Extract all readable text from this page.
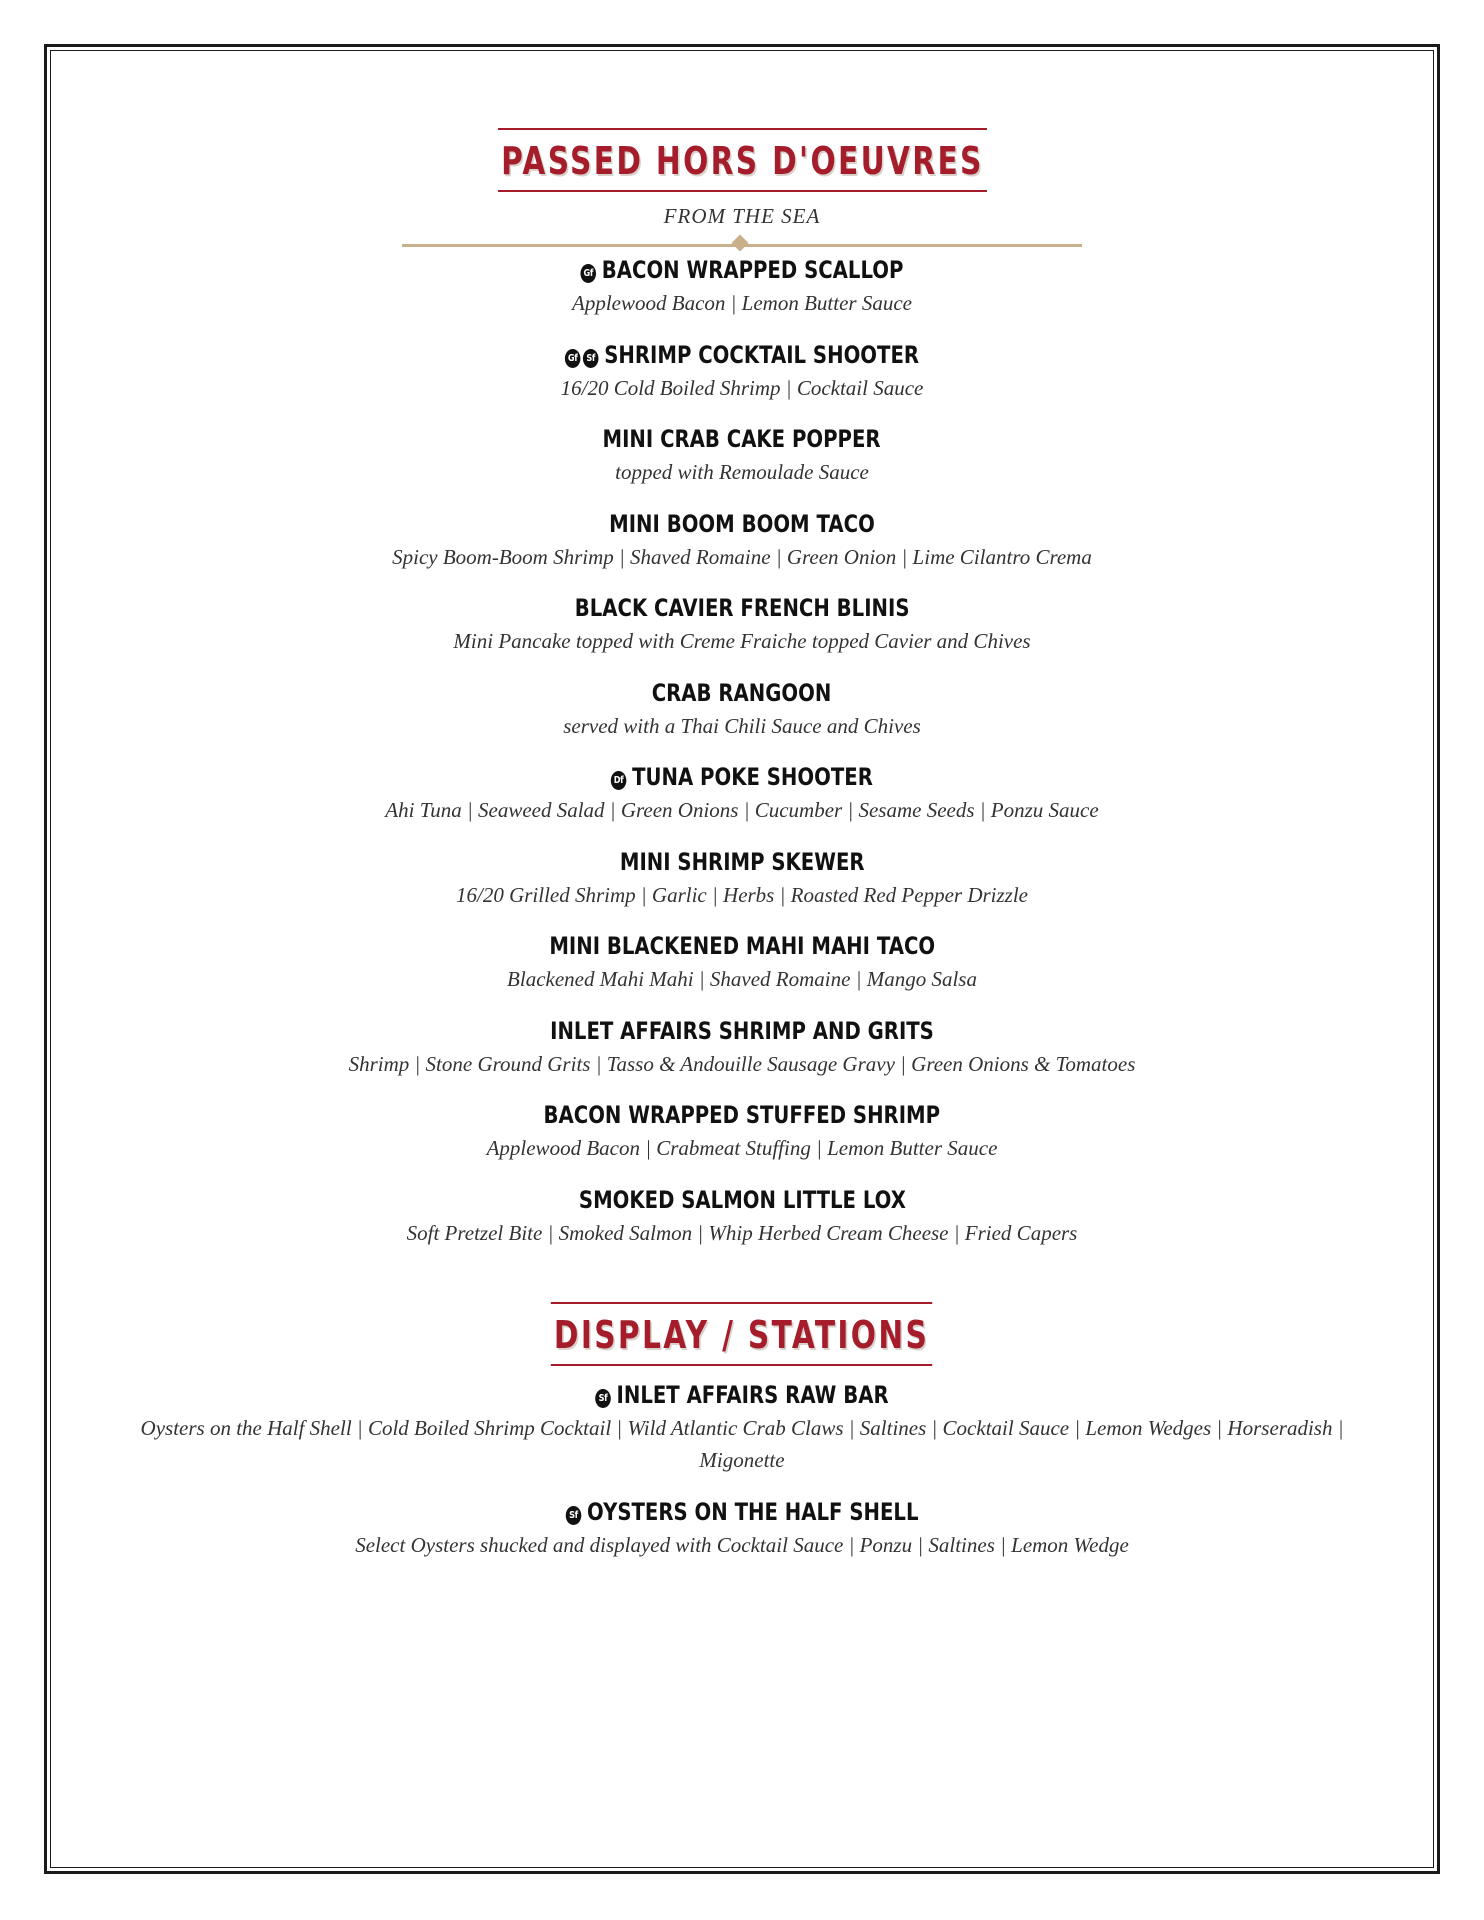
PASSED HORS D'OEUVRES
FROM THE SEA
Gf BACON WRAPPED SCALLOP
Applewood Bacon | Lemon Butter Sauce
Gf Sf SHRIMP COCKTAIL SHOOTER
16/20 Cold Boiled Shrimp | Cocktail Sauce
MINI CRAB CAKE POPPER
topped with Remoulade Sauce
MINI BOOM BOOM TACO
Spicy Boom-Boom Shrimp | Shaved Romaine | Green Onion | Lime Cilantro Crema
BLACK CAVIER FRENCH BLINIS
Mini Pancake topped with Creme Fraiche topped Cavier and Chives
CRAB RANGOON
served with a Thai Chili Sauce and Chives
Df TUNA POKE SHOOTER
Ahi Tuna | Seaweed Salad | Green Onions | Cucumber | Sesame Seeds | Ponzu Sauce
MINI SHRIMP SKEWER
16/20 Grilled Shrimp | Garlic | Herbs | Roasted Red Pepper Drizzle
MINI BLACKENED MAHI MAHI TACO
Blackened Mahi Mahi | Shaved Romaine | Mango Salsa
INLET AFFAIRS SHRIMP AND GRITS
Shrimp | Stone Ground Grits | Tasso & Andouille Sausage Gravy | Green Onions & Tomatoes
BACON WRAPPED STUFFED SHRIMP
Applewood Bacon | Crabmeat Stuffing | Lemon Butter Sauce
SMOKED SALMON LITTLE LOX
Soft Pretzel Bite | Smoked Salmon | Whip Herbed Cream Cheese | Fried Capers
DISPLAY / STATIONS
Sf INLET AFFAIRS RAW BAR
Oysters on the Half Shell | Cold Boiled Shrimp Cocktail | Wild Atlantic Crab Claws | Saltines | Cocktail Sauce | Lemon Wedges | Horseradish | Migonette
Sf OYSTERS ON THE HALF SHELL
Select Oysters shucked and displayed with Cocktail Sauce | Ponzu | Saltines | Lemon Wedge
